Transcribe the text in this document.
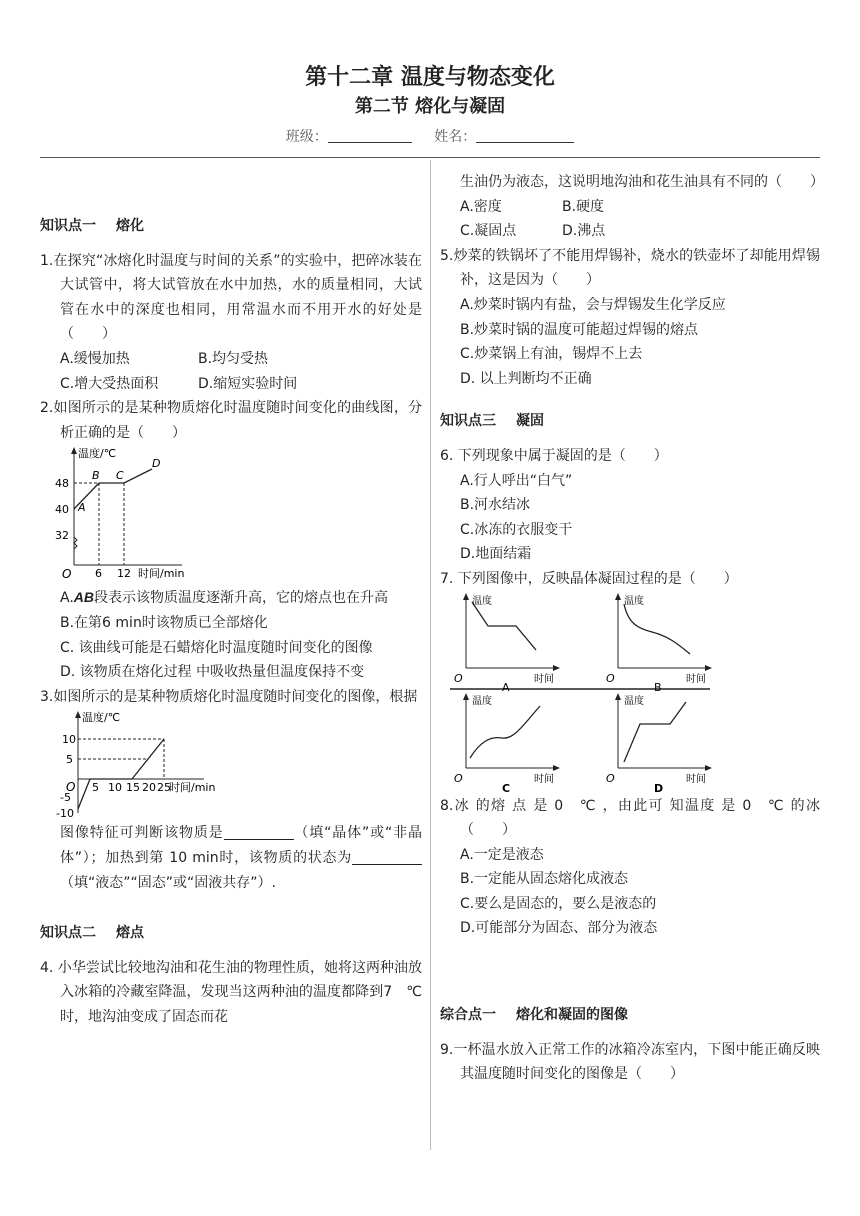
第十二章 温度与物态变化
第二节 熔化与凝固
班级：	姓名：
知识点一 熔化
1.在探究“冰熔化时温度与时间的关系”的实验中，把碎冰装在大试管中，将大试管放在水中加热，水的质量相同，大试管在水中的深度也相同，用常温水而不用开水的好处是（　　）
A.缓慢加热	B.均匀受热
C.增大受热面积	D.缩短实验时间
2.如图所示的是某种物质熔化时温度随时间变化的曲线图，分析正确的是（　　）
温度/℃
时间/min
O
48
40
32
6 12
A
B C
D
A.AB段表示该物质温度逐渐升高，它的熔点也在升高
B.在第6 min时该物质已全部熔化
C. 该曲线可能是石蜡熔化时温度随时间变化的图像
D. 该物质在熔化过程 中吸收热量但温度保持不变
3.如图所示的是某种物质熔化时温度随时间变化的图像，根据
温度/℃
时间/min
O
10
5
-5
-10
5 10 15 20 25
图像特征可判断该物质是	（填“晶体”或“非晶体”）；加热到第 10 min时，该物质的状态为（填“液态”“固态”或“固液共存”）.
知识点二 熔点
4. 小华尝试比较地沟油和花生油的物理性质，她将这两种油放入冰箱的冷藏室降温，发现当这两种油的温度都降到7　℃时，地沟油变成了固态而花
生油仍为液态，这说明地沟油和花生油具有不同的（　　）
A.密度	B.硬度
C.凝固点	D.沸点
5.炒菜的铁锅坏了不能用焊锡补，烧水的铁壶坏了却能用焊锡补，这是因为（　　）
A.炒菜时锅内有盐，会与焊锡发生化学反应
B.炒菜时锅的温度可能超过焊锡的熔点
C.炒菜锅上有油，锡焊不上去
D. 以上判断均不正确
知识点三 凝固
6. 下列现象中属于凝固的是（　　）
A.行人呼出“白气”
B.河水结冰
C.冰冻的衣服变干
D.地面结霜
7. 下列图像中，反映晶体凝固过程的是（　　）
温度
时间
O
A
温度
时间
O
B
温度
时间
O
C
温度
时间
O
D
8.冰 的熔 点 是 0　℃ ，由此可 知温度 是 0　℃ 的冰（　　）
A.一定是液态
B.一定能从固态熔化成液态
C.要么是固态的，要么是液态的
D.可能部分为固态、部分为液态
综合点一 熔化和凝固的图像
9.一杯温水放入正常工作的冰箱冷冻室内，下图中能正确反映其温度随时间变化的图像是（　　）
